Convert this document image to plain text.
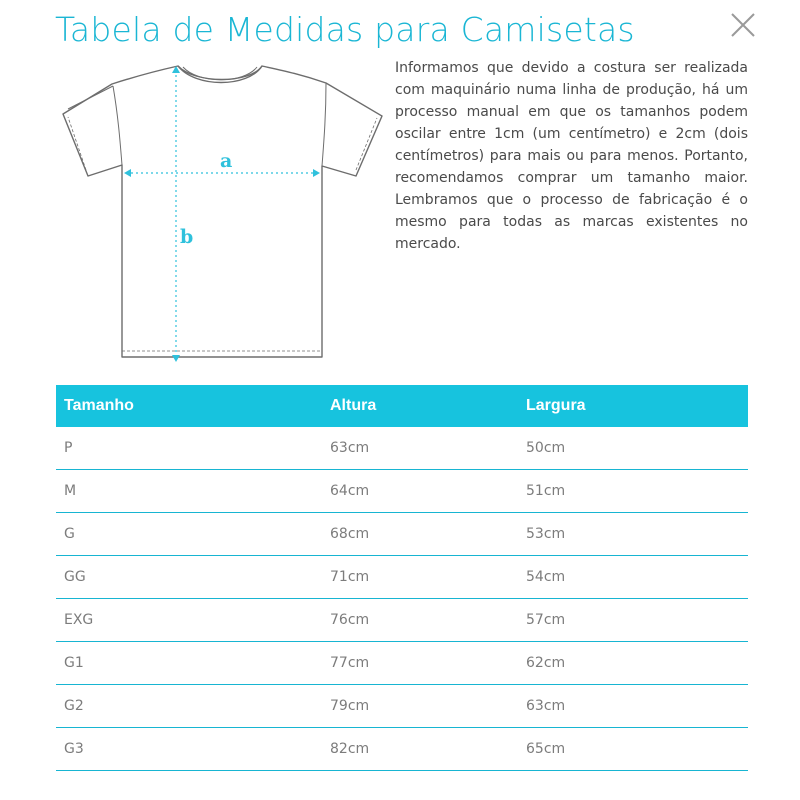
Tabela de Medidas para Camisetas
a
b

Informamos que devido a costura ser realizada com maquinário numa linha de produção, há um processo manual em que os tamanhos podem oscilar entre 1cm (um centímetro) e 2cm (dois centímetros) para mais ou para menos. Portanto, recomendamos comprar um tamanho maior. Lembramos que o processo de fabricação é o mesmo para todas as marcas existentes no mercado.

Tamanho	Altura	Largura
P	63cm	50cm
M	64cm	51cm
G	68cm	53cm
GG	71cm	54cm
EXG	76cm	57cm
G1	77cm	62cm
G2	79cm	63cm
G3	82cm	65cm
